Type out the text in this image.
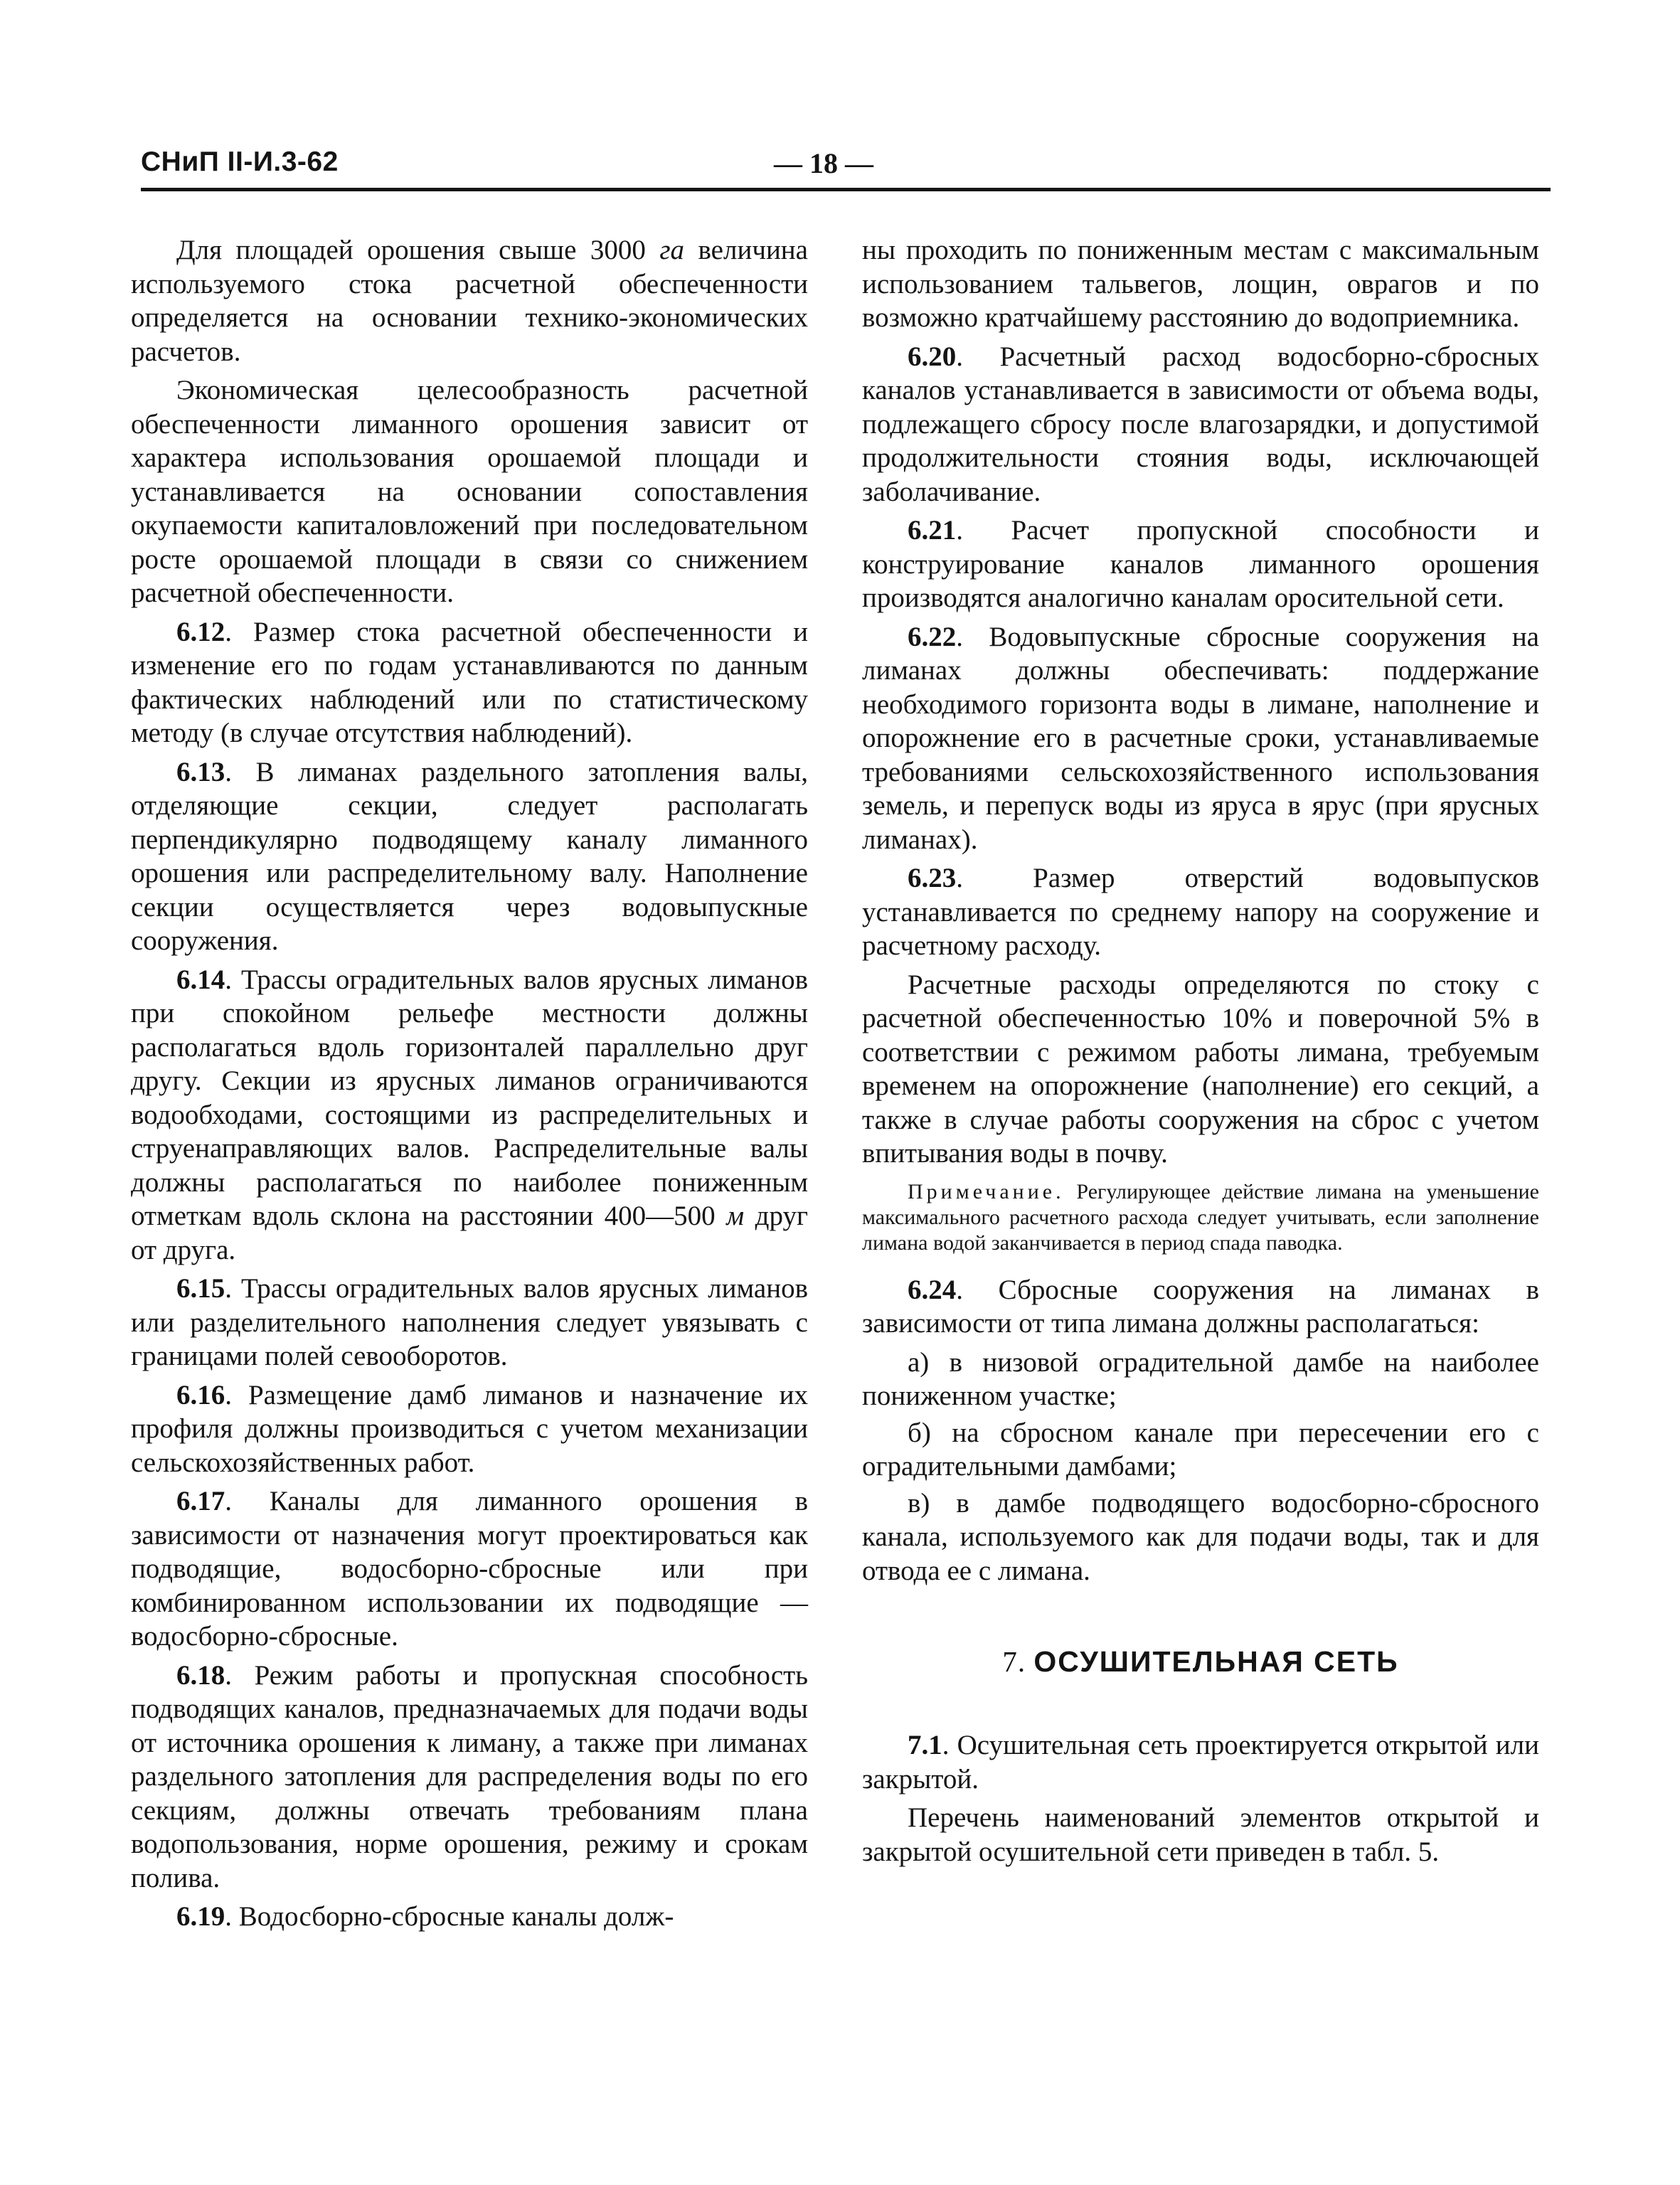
СНиП II-И.3-62	— 18 —

Для площадей орошения свыше 3000 га величина используемого стока расчетной обеспеченности определяется на основании технико-экономических расчетов.

Экономическая целесообразность расчетной обеспеченности лиманного орошения зависит от характера использования орошаемой площади и устанавливается на основании сопоставления окупаемости капиталовложений при последовательном росте орошаемой площади в связи со снижением расчетной обеспеченности.

6.12. Размер стока расчетной обеспеченности и изменение его по годам устанавливаются по данным фактических наблюдений или по статистическому методу (в случае отсутствия наблюдений).

6.13. В лиманах раздельного затопления валы, отделяющие секции, следует располагать перпендикулярно подводящему каналу лиманного орошения или распределительному валу. Наполнение секции осуществляется через водовыпускные сооружения.

6.14. Трассы оградительных валов ярусных лиманов при спокойном рельефе местности должны располагаться вдоль горизонталей параллельно друг другу. Секции из ярусных лиманов ограничиваются водообходами, состоящими из распределительных и струенаправляющих валов. Распределительные валы должны располагаться по наиболее пониженным отметкам вдоль склона на расстоянии 400—500 м друг от друга.

6.15. Трассы оградительных валов ярусных лиманов или разделительного наполнения следует увязывать с границами полей севооборотов.

6.16. Размещение дамб лиманов и назначение их профиля должны производиться с учетом механизации сельскохозяйственных работ.

6.17. Каналы для лиманного орошения в зависимости от назначения могут проектироваться как подводящие, водосборно-сбросные или при комбинированном использовании их подводящие — водосборно-сбросные.

6.18. Режим работы и пропускная способность подводящих каналов, предназначаемых для подачи воды от источника орошения к лиману, а также при лиманах раздельного затопления для распределения воды по его секциям, должны отвечать требованиям плана водопользования, норме орошения, режиму и срокам полива.

6.19. Водосборно-сбросные каналы долж-

ны проходить по пониженным местам с максимальным использованием тальвегов, лощин, оврагов и по возможно кратчайшему расстоянию до водоприемника.

6.20. Расчетный расход водосборно-сбросных каналов устанавливается в зависимости от объема воды, подлежащего сбросу после влагозарядки, и допустимой продолжительности стояния воды, исключающей заболачивание.

6.21. Расчет пропускной способности и конструирование каналов лиманного орошения производятся аналогично каналам оросительной сети.

6.22. Водовыпускные сбросные сооружения на лиманах должны обеспечивать: поддержание необходимого горизонта воды в лимане, наполнение и опорожнение его в расчетные сроки, устанавливаемые требованиями сельскохозяйственного использования земель, и перепуск воды из яруса в ярус (при ярусных лиманах).

6.23. Размер отверстий водовыпусков устанавливается по среднему напору на сооружение и расчетному расходу.

Расчетные расходы определяются по стоку с расчетной обеспеченностью 10% и поверочной 5% в соответствии с режимом работы лимана, требуемым временем на опорожнение (наполнение) его секций, а также в случае работы сооружения на сброс с учетом впитывания воды в почву.

Примечание. Регулирующее действие лимана на уменьшение максимального расчетного расхода следует учитывать, если заполнение лимана водой заканчивается в период спада паводка.

6.24. Сбросные сооружения на лиманах в зависимости от типа лимана должны располагаться:

а) в низовой оградительной дамбе на наиболее пониженном участке;

б) на сбросном канале при пересечении его с оградительными дамбами;

в) в дамбе подводящего водосборно-сбросного канала, используемого как для подачи воды, так и для отвода ее с лимана.

7. ОСУШИТЕЛЬНАЯ СЕТЬ

7.1. Осушительная сеть проектируется открытой или закрытой.

Перечень наименований элементов открытой и закрытой осушительной сети приведен в табл. 5.
